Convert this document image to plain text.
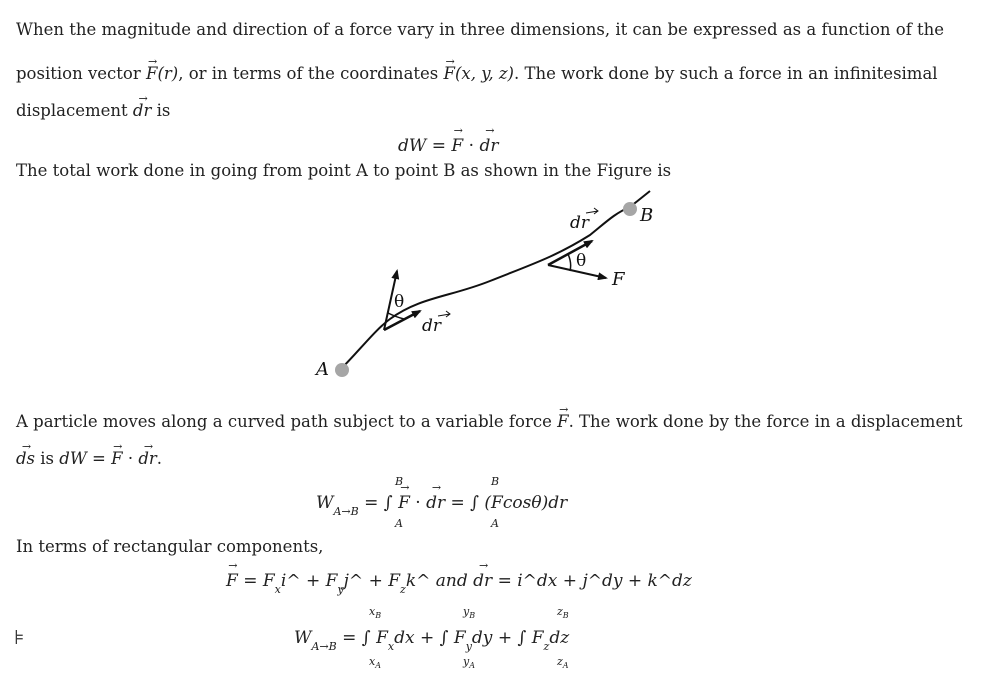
When the magnitude and direction of a force vary in three dimensions, it can be expressed as a function of the
position vector → F(r), or in terms of the coordinates → F(x, y, z). The work done by such a force in an infinitesimal
displacement → dr is
dW = → F · → dr
The total work done in going from point A to point B as shown in the Figure is
A
B
F
θ
θ
dr
dr
A particle moves along a curved path subject to a variable force → F. The work done by the force in a displacement
→ ds is dW = → F · → dr.
$W_{A\to B}$ = ∫ → F · → dr = ∫ (Fcosθ)dr
B
A
B
A
In terms of rectangular components,
→ $F = F_xi\^{}$ + $F_yj\^{}$ + $F_zk\^{}$ and → dr = i^dx + j^dy + k^dz
$W_{A\to B}$ = ∫ $F_xdx$ + ∫ $F_ydy$ + ∫ $F_zdz$
$x_B$
$x_A$
$y_B$
$y_A$
$z_B$
$z_A$
⊧
